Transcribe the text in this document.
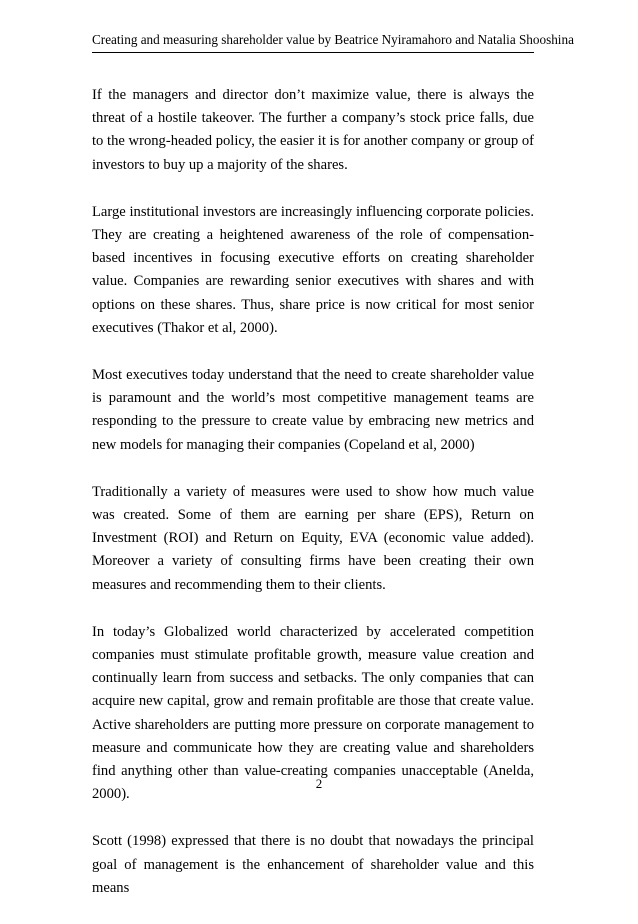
Creating and measuring shareholder value by Beatrice Nyiramahoro and Natalia Shooshina

If the managers and director don’t maximize value, there is always the threat of a hostile takeover. The further a company’s stock price falls, due to the wrong-headed policy, the easier it is for another company or group of investors to buy up a majority of the shares.

Large institutional investors are increasingly influencing corporate policies. They are creating a heightened awareness of the role of compensation-based incentives in focusing executive efforts on creating shareholder value. Companies are rewarding senior executives with shares and with options on these shares. Thus, share price is now critical for most senior executives (Thakor et al, 2000).

Most executives today understand that the need to create shareholder value is paramount and the world’s most competitive management teams are responding to the pressure to create value by embracing new metrics and new models for managing their companies (Copeland et al, 2000)

Traditionally a variety of measures were used to show how much value was created. Some of them are earning per share (EPS), Return on Investment (ROI) and Return on Equity, EVA (economic value added). Moreover a variety of consulting firms have been creating their own measures and recommending them to their clients.

In today’s Globalized world characterized by accelerated competition companies must stimulate profitable growth, measure value creation and continually learn from success and setbacks. The only companies that can acquire new capital, grow and remain profitable are those that create value. Active shareholders are putting more pressure on corporate management to measure and communicate how they are creating value and shareholders find anything other than value-creating companies unacceptable (Anelda, 2000).

Scott (1998) expressed that there is no doubt that nowadays the principal goal of management is the enhancement of shareholder value and this means

2
